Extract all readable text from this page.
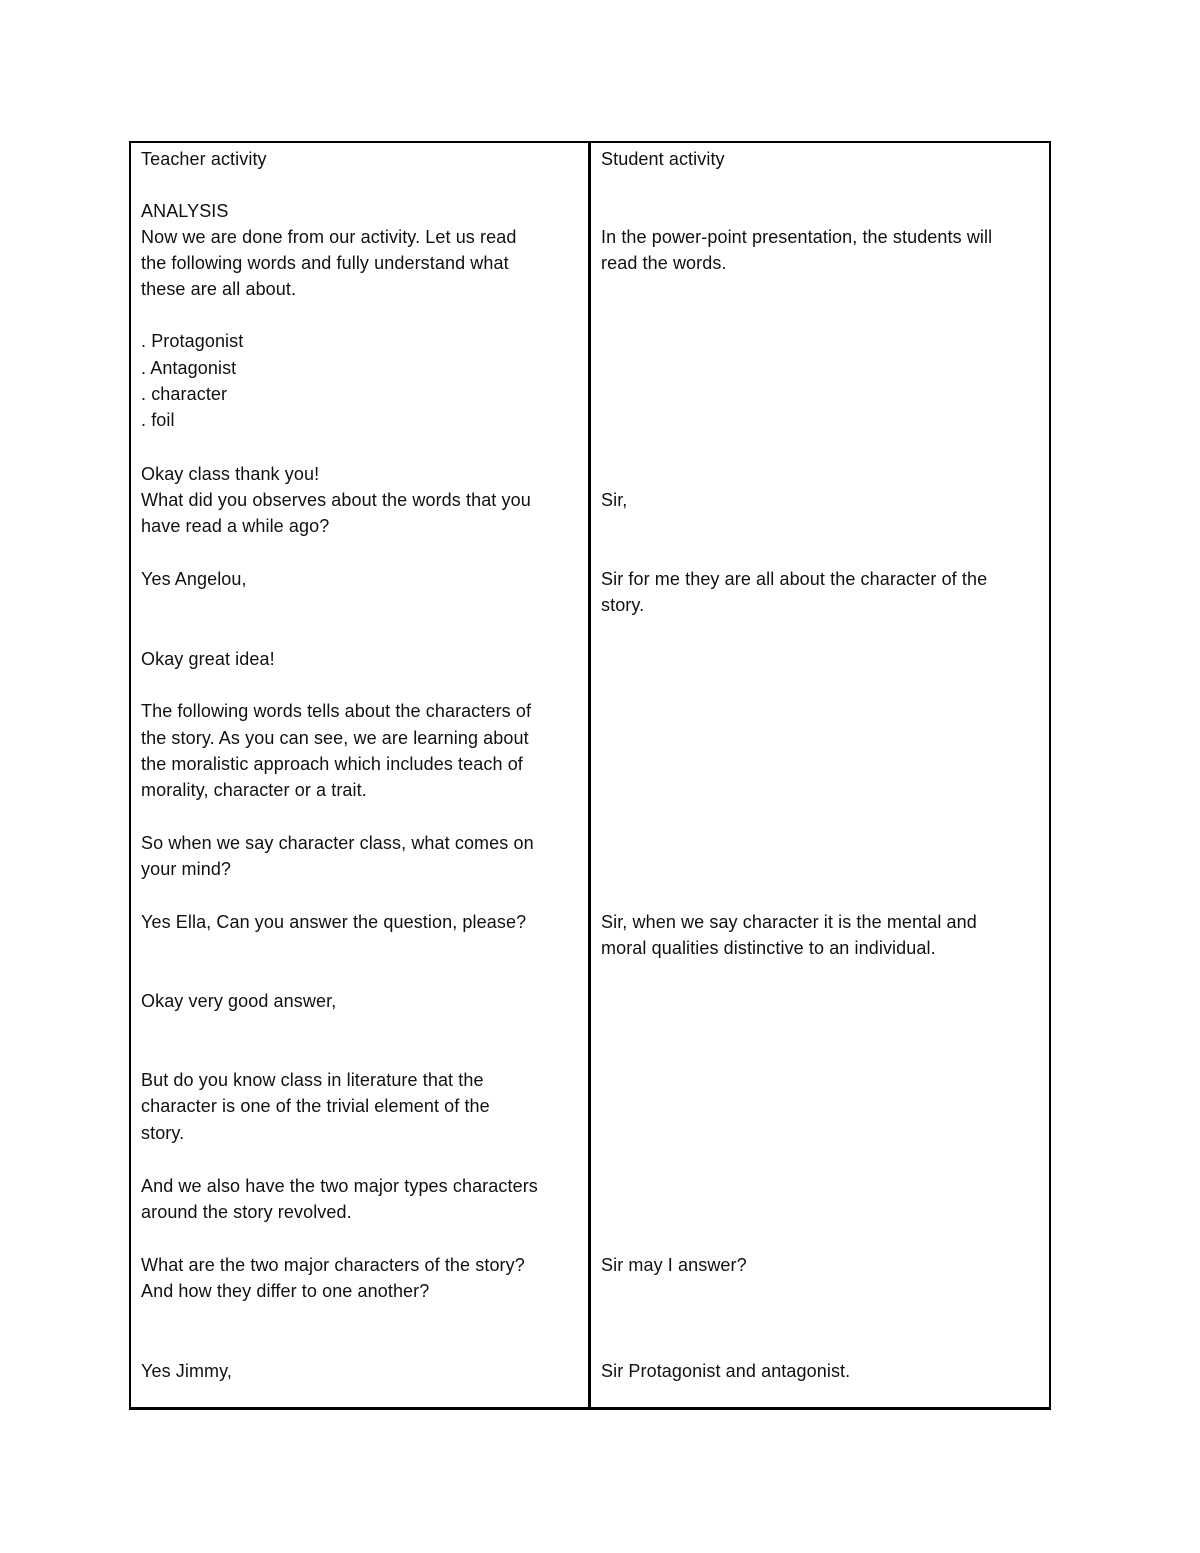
Teacher activity
ANALYSIS
Now we are done from our activity. Let us read
the following words and fully understand what
these are all about.
. Protagonist
. Antagonist
. character
. foil
Okay class thank you!
What did you observes about the words that you
have read a while ago?
Yes Angelou,
Okay great idea!
The following words tells about the characters of
the story. As you can see, we are learning about
the moralistic approach which includes teach of
morality, character or a trait.
So when we say character class, what comes on
your mind?
Yes Ella, Can you answer the question, please?
Okay very good answer,
But do you know class in literature that the
character is one of the trivial element of the
story.
And we also have the two major types characters
around the story revolved.
What are the two major characters of the story?
And how they differ to one another?
Yes Jimmy,
Student activity
In the power-point presentation, the students will
read the words.
Sir,
Sir for me they are all about the character of the
story.
Sir, when we say character it is the mental and
moral qualities distinctive to an individual.
Sir may I answer?
Sir Protagonist and antagonist.
